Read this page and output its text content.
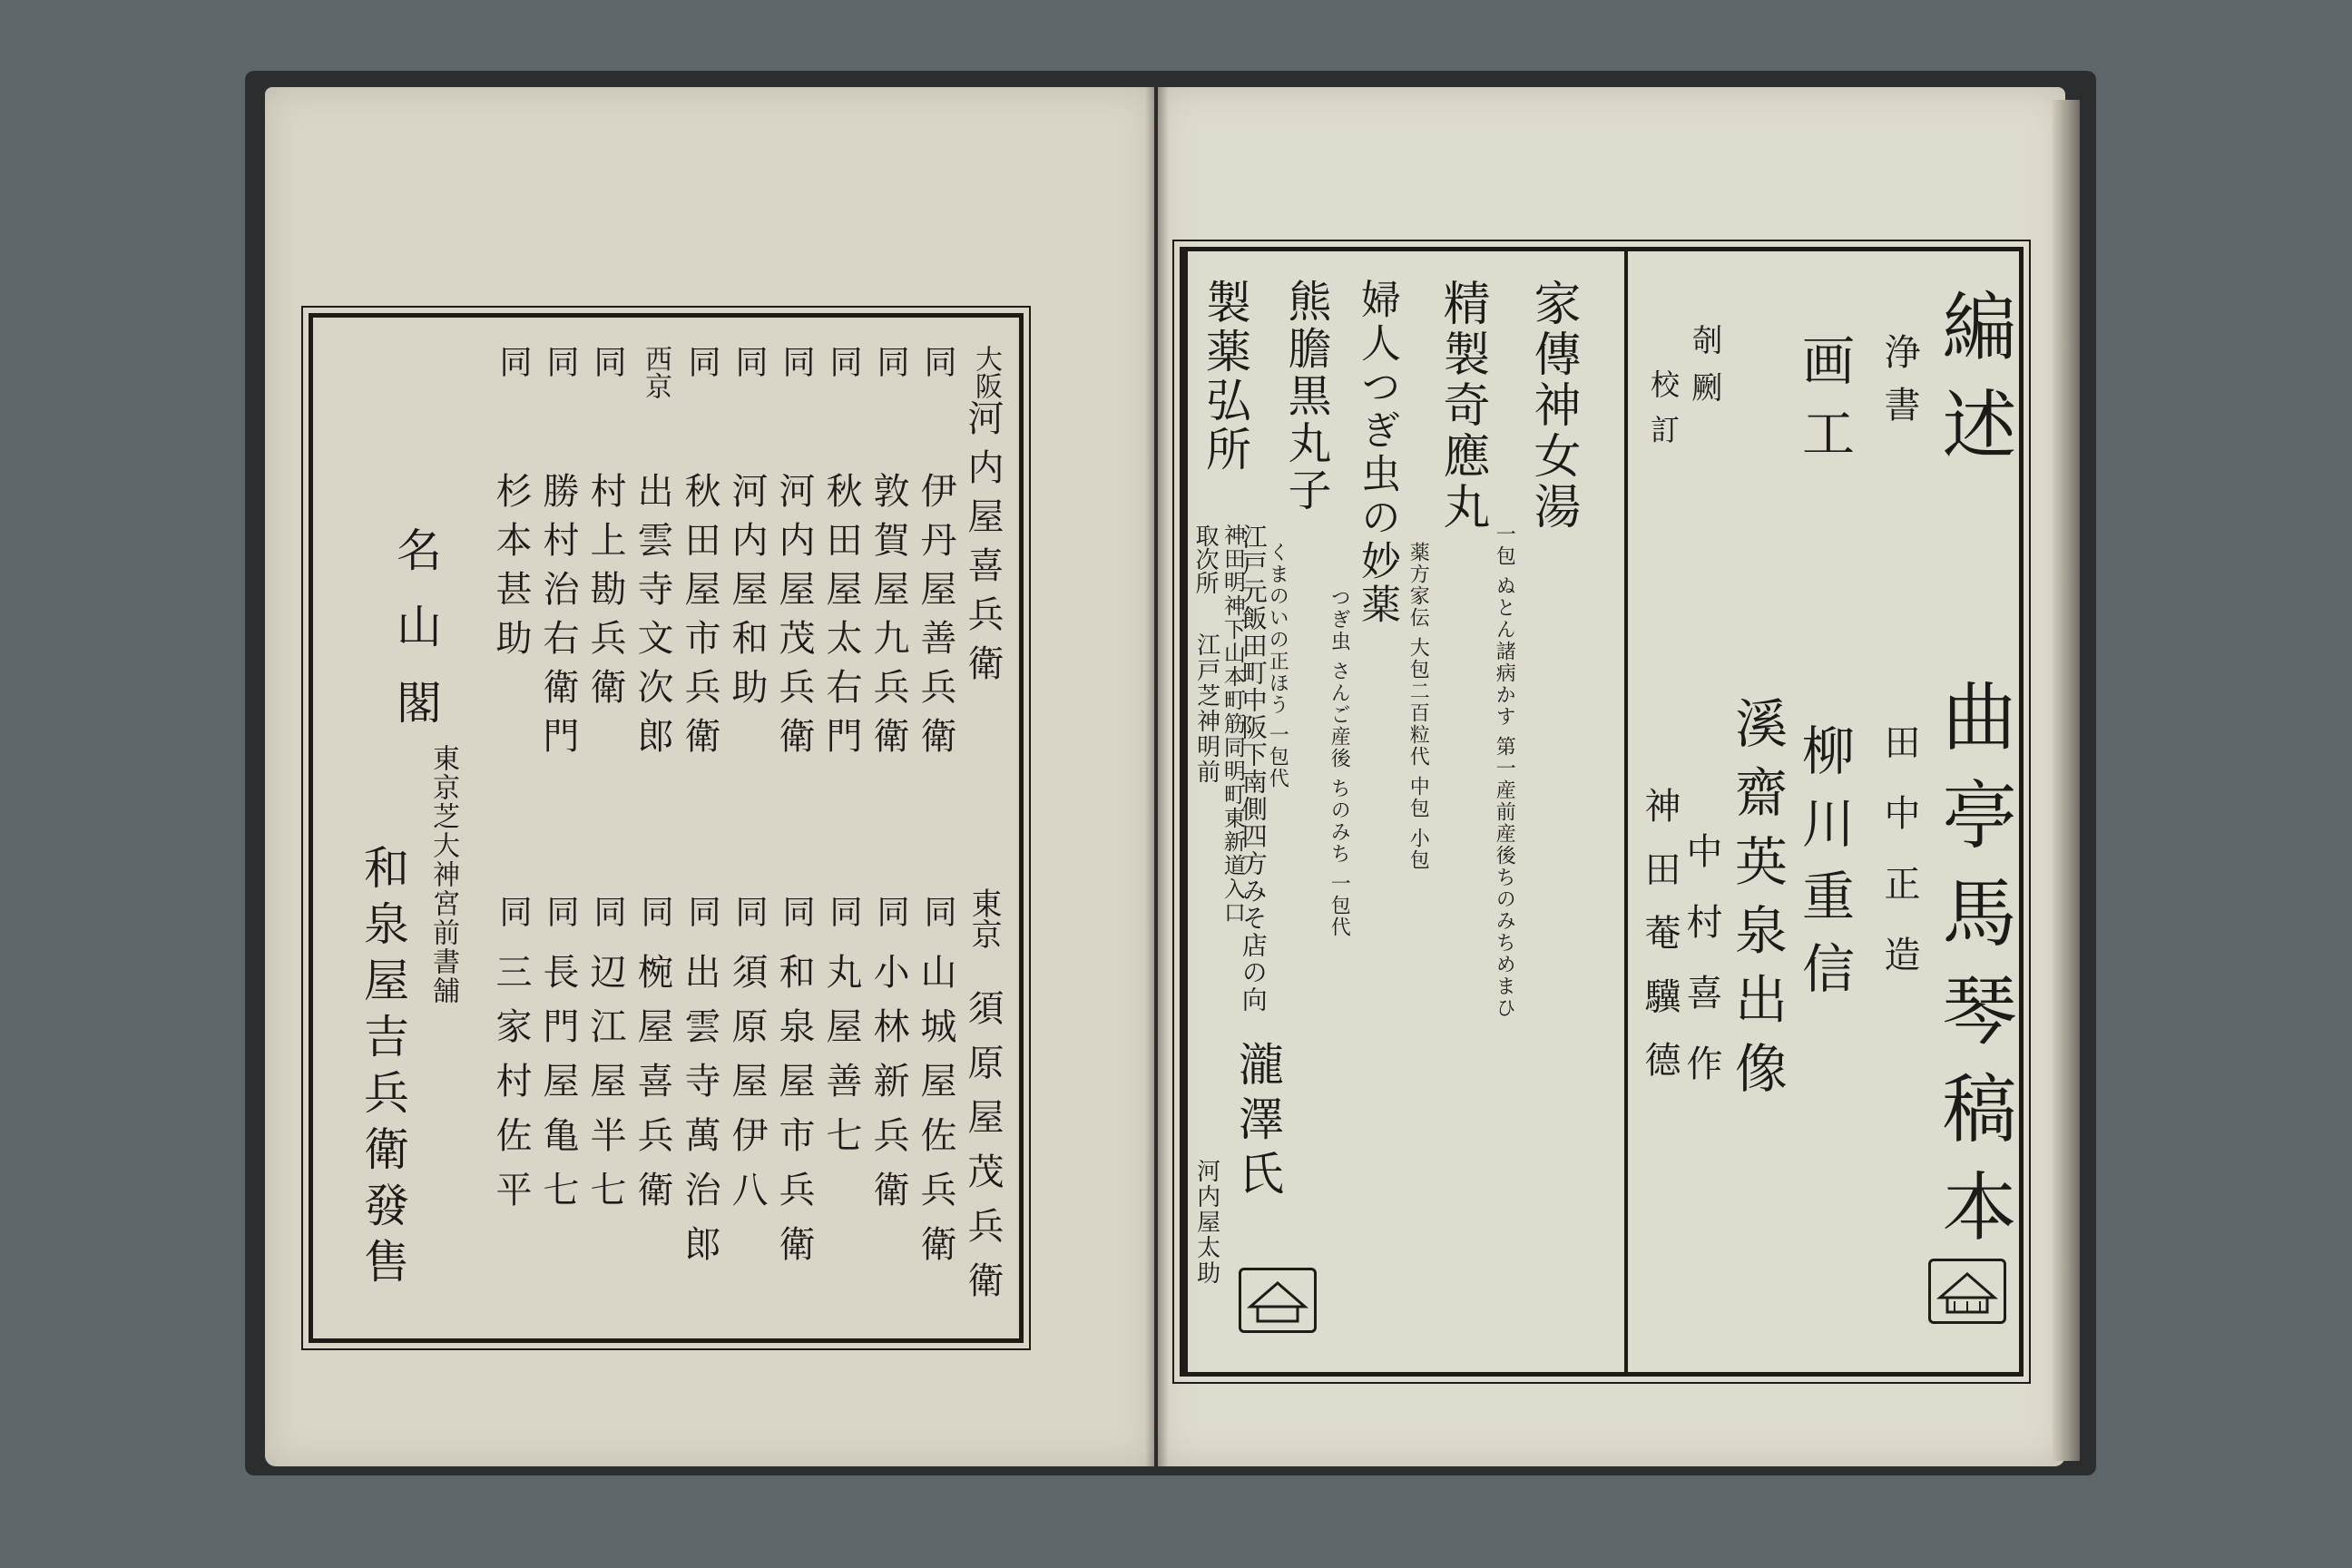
大阪
河内屋喜兵衛
同
伊丹屋善兵衛
同
敦賀屋九兵衛
同
秋田屋太右門
同
河内屋茂兵衛
同
河内屋和助
同
秋田屋市兵衛
西京
出雲寺文次郎
同
村上勘兵衛
同
勝村治右衛門
同
杉本甚助
東京
須原屋茂兵衛
同
山城屋佐兵衛
同
小林新兵衛
同
丸屋善七
同
和泉屋市兵衛
同
須原屋伊八
同
出雲寺萬治郎
同
椀屋喜兵衛
同
辺江屋半七
同
長門屋亀七
同
三家村佐平
東京芝大神宮前書舗
名山閣
和泉屋吉兵衛發售
編述
曲亭馬琴稿本
浄書
田中正造
画工
柳川重信
溪齋英泉出像
剞劂
中村喜作
校訂
神田菴驥德
家傳神女湯
一包 ぬとん諸病かす 第一産前産後ちのみちめまひ
精製奇應丸
薬方家伝 大包二百粒代 中包 小包
婦人つぎ虫の妙薬
つぎ虫 さんご産後 ちのみち 一包代
熊膽黒丸子
くまのいの正ほう 一包代
製薬弘所
江戸元飯田町中阪下南側四方みそ店の向
瀧澤氏
取次所
江戸芝神明前 神田明神下山本町筋同明町東新道入口
河内屋太助
